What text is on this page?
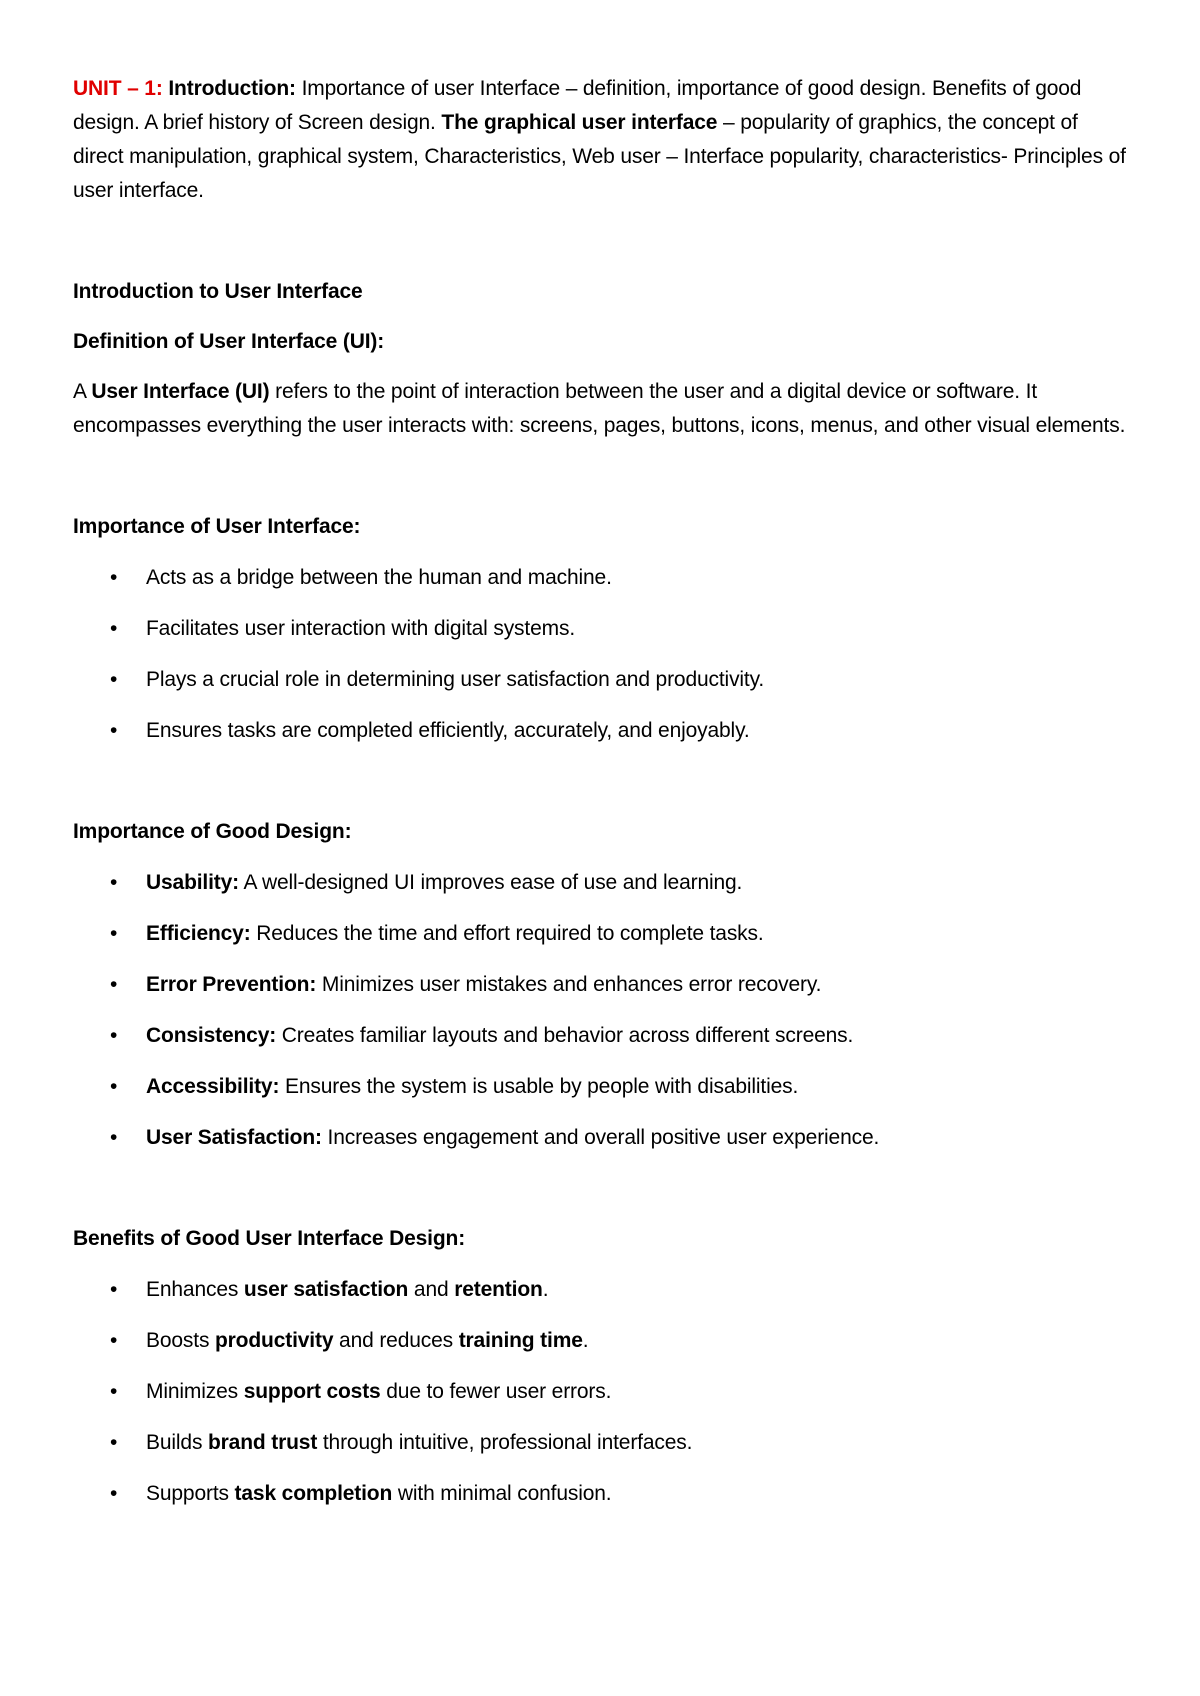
UNIT – 1: Introduction: Importance of user Interface – definition, importance of good design. Benefits of good design. A brief history of Screen design. The graphical user interface – popularity of graphics, the concept of direct manipulation, graphical system, Characteristics, Web user – Interface popularity, characteristics- Principles of user interface.

Introduction to User Interface

Definition of User Interface (UI):

A User Interface (UI) refers to the point of interaction between the user and a digital device or software. It encompasses everything the user interacts with: screens, pages, buttons, icons, menus, and other visual elements.

Importance of User Interface:

• Acts as a bridge between the human and machine.
• Facilitates user interaction with digital systems.
• Plays a crucial role in determining user satisfaction and productivity.
• Ensures tasks are completed efficiently, accurately, and enjoyably.

Importance of Good Design:

• Usability: A well-designed UI improves ease of use and learning.
• Efficiency: Reduces the time and effort required to complete tasks.
• Error Prevention: Minimizes user mistakes and enhances error recovery.
• Consistency: Creates familiar layouts and behavior across different screens.
• Accessibility: Ensures the system is usable by people with disabilities.
• User Satisfaction: Increases engagement and overall positive user experience.

Benefits of Good User Interface Design:

• Enhances user satisfaction and retention.
• Boosts productivity and reduces training time.
• Minimizes support costs due to fewer user errors.
• Builds brand trust through intuitive, professional interfaces.
• Supports task completion with minimal confusion.
